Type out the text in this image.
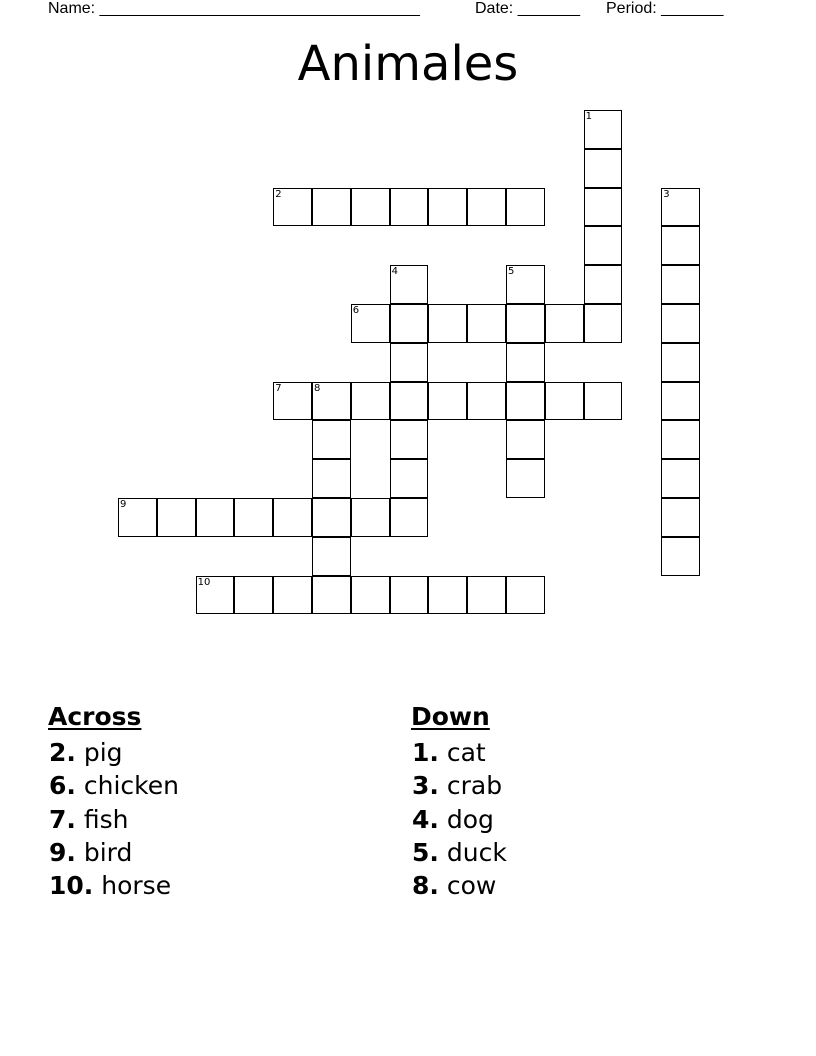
Name: ____________________________________	Date: _______ Period: _______
Animales
1
2	3
4	5
6
7	8
9
10
Across
2. pig
6. chicken
7. fish
9. bird
10. horse
Down
1. cat
3. crab
4. dog
5. duck
8. cow
